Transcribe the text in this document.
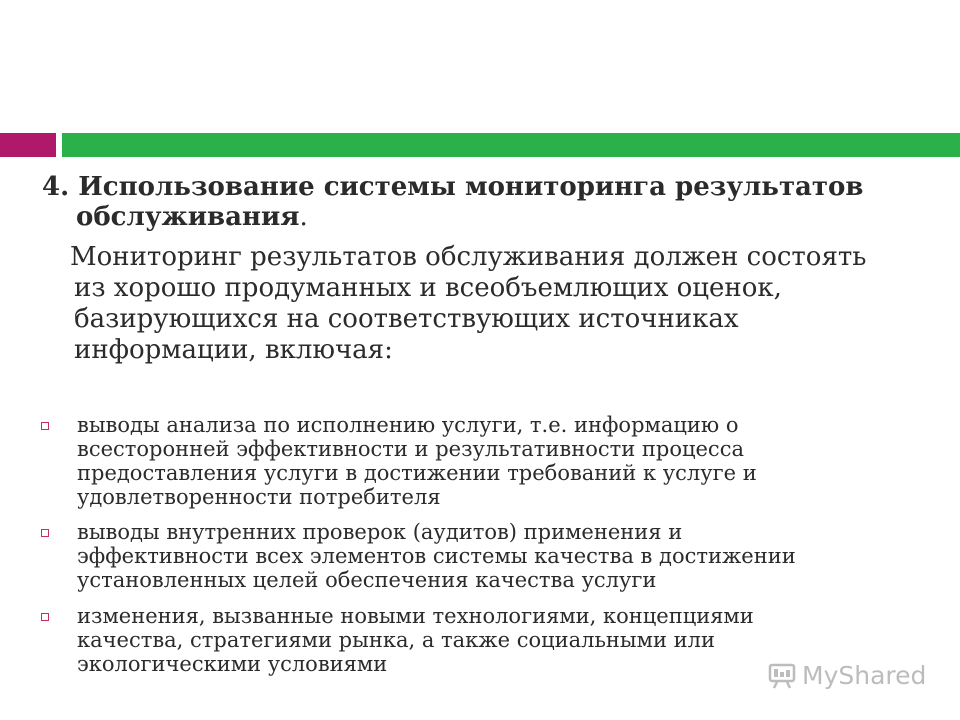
4. Использование системы мониторинга результатов
обслуживания.
Мониторинг результатов обслуживания должен состоять
из хорошо продуманных и всеобъемлющих оценок, базирующихся на соответствующих источниках информации, включая:
выводы анализа по исполнению услуги, т.е. информацию о всесторонней эффективности и результативности процесса предоставления услуги в достижении требований к услуге и удовлетворенности потребителя
выводы внутренних проверок (аудитов) применения и эффективности всех элементов системы качества в достижении установленных целей обеспечения качества услуги
изменения, вызванные новыми технологиями, концепциями качества, стратегиями рынка, а также социальными или экологическими условиями	MyShared
